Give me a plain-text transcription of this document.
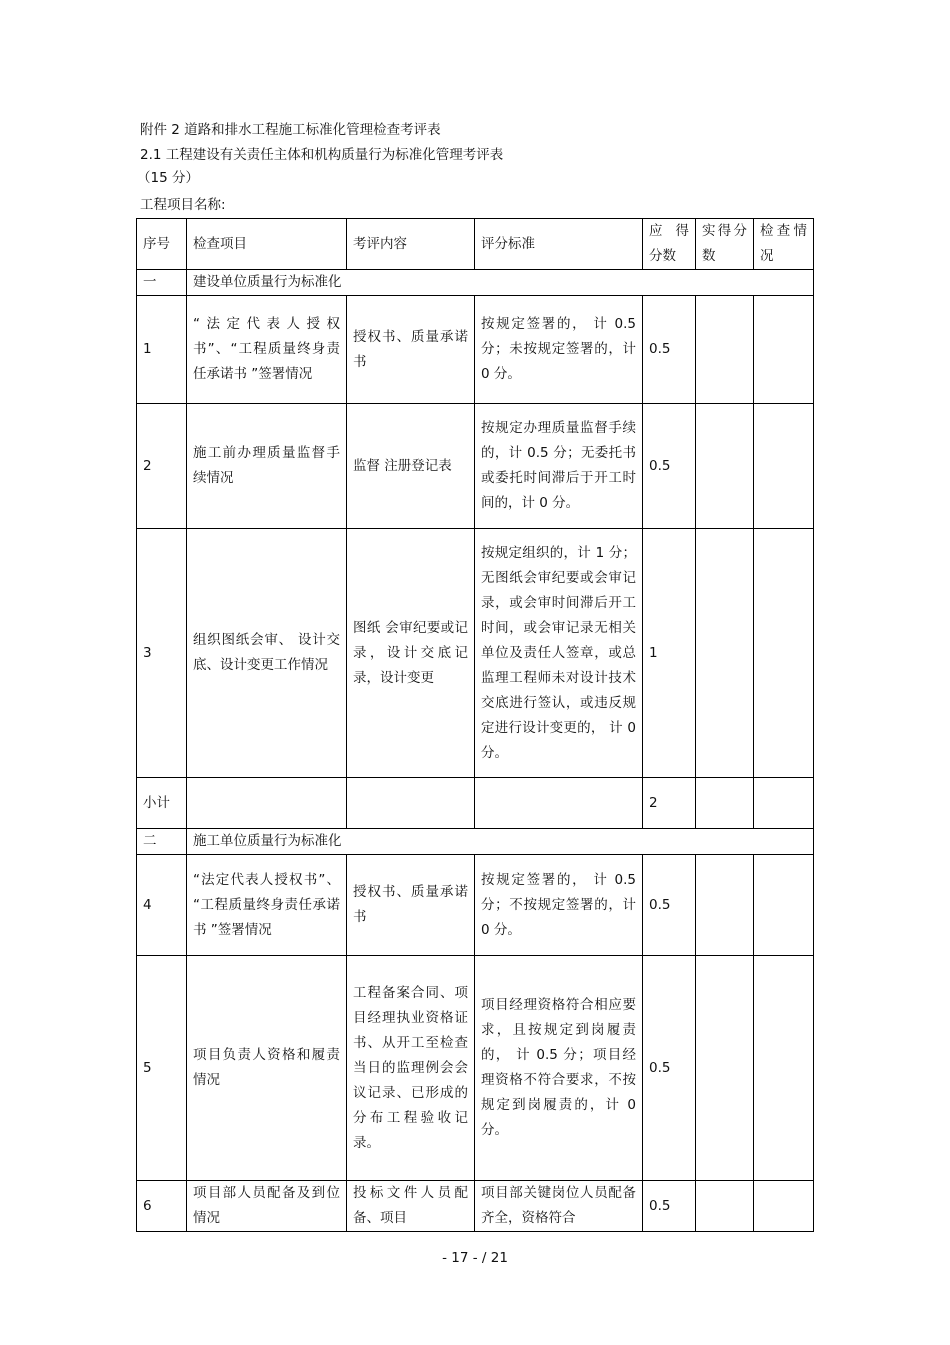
附件 2 道路和排水工程施工标准化管理检查考评表

2.1 工程建设有关责任主体和机构质量行为标准化管理考评表

（15 分）

工程项目名称:

序号	检查项目	考评内容	评分标准	应得分数	实得分数	检查情况
一	建设单位质量行为标准化					
1	“法定代表人授权书”、“工程质量终身责任承诺书 ”签署情况	授权书、质量承诺书	按规定签署的， 计 0.5 分；未按规定签署的，计 0 分。	0.5		
2	施工前办理质量监督手续情况	监督 注册登记表	按规定办理质量监督手续的，计 0.5 分；无委托书或委托时间滞后于开工时间的，计 0 分。	0.5		
3	组织图纸会审、 设计交底、设计变更工作情况	图纸 会审纪要或记录，设计交底记录，设计变更	按规定组织的，计 1 分；无图纸会审纪要或会审记录，或会审时间滞后开工时间，或会审记录无相关单位及责任人签章，或总监理工程师未对设计技术交底进行签认，或违反规定进行设计变更的， 计 0 分。	1		
小计				2		
二	施工单位质量行为标准化					
4	“法定代表人授权书”、 “工程质量终身责任承诺书 ”签署情况	授权书、质量承诺书	按规定签署的， 计 0.5 分；不按规定签署的，计 0 分。	0.5		
5	项目负责人资格和履责情况	工程备案合同、项目经理执业资格证书、从开工至检查当日的监理例会会议记录、已形成的分布工程验收记录。	项目经理资格符合相应要求，且按规定到岗履责的， 计 0.5 分；项目经理资格不符合要求，不按规定到岗履责的，计 0分。	0.5		
6	项目部人员配备及到位情况	投标文件人员配备、项目	项目部关键岗位人员配备齐全，资格符合	0.5		
- 17 - / 21
